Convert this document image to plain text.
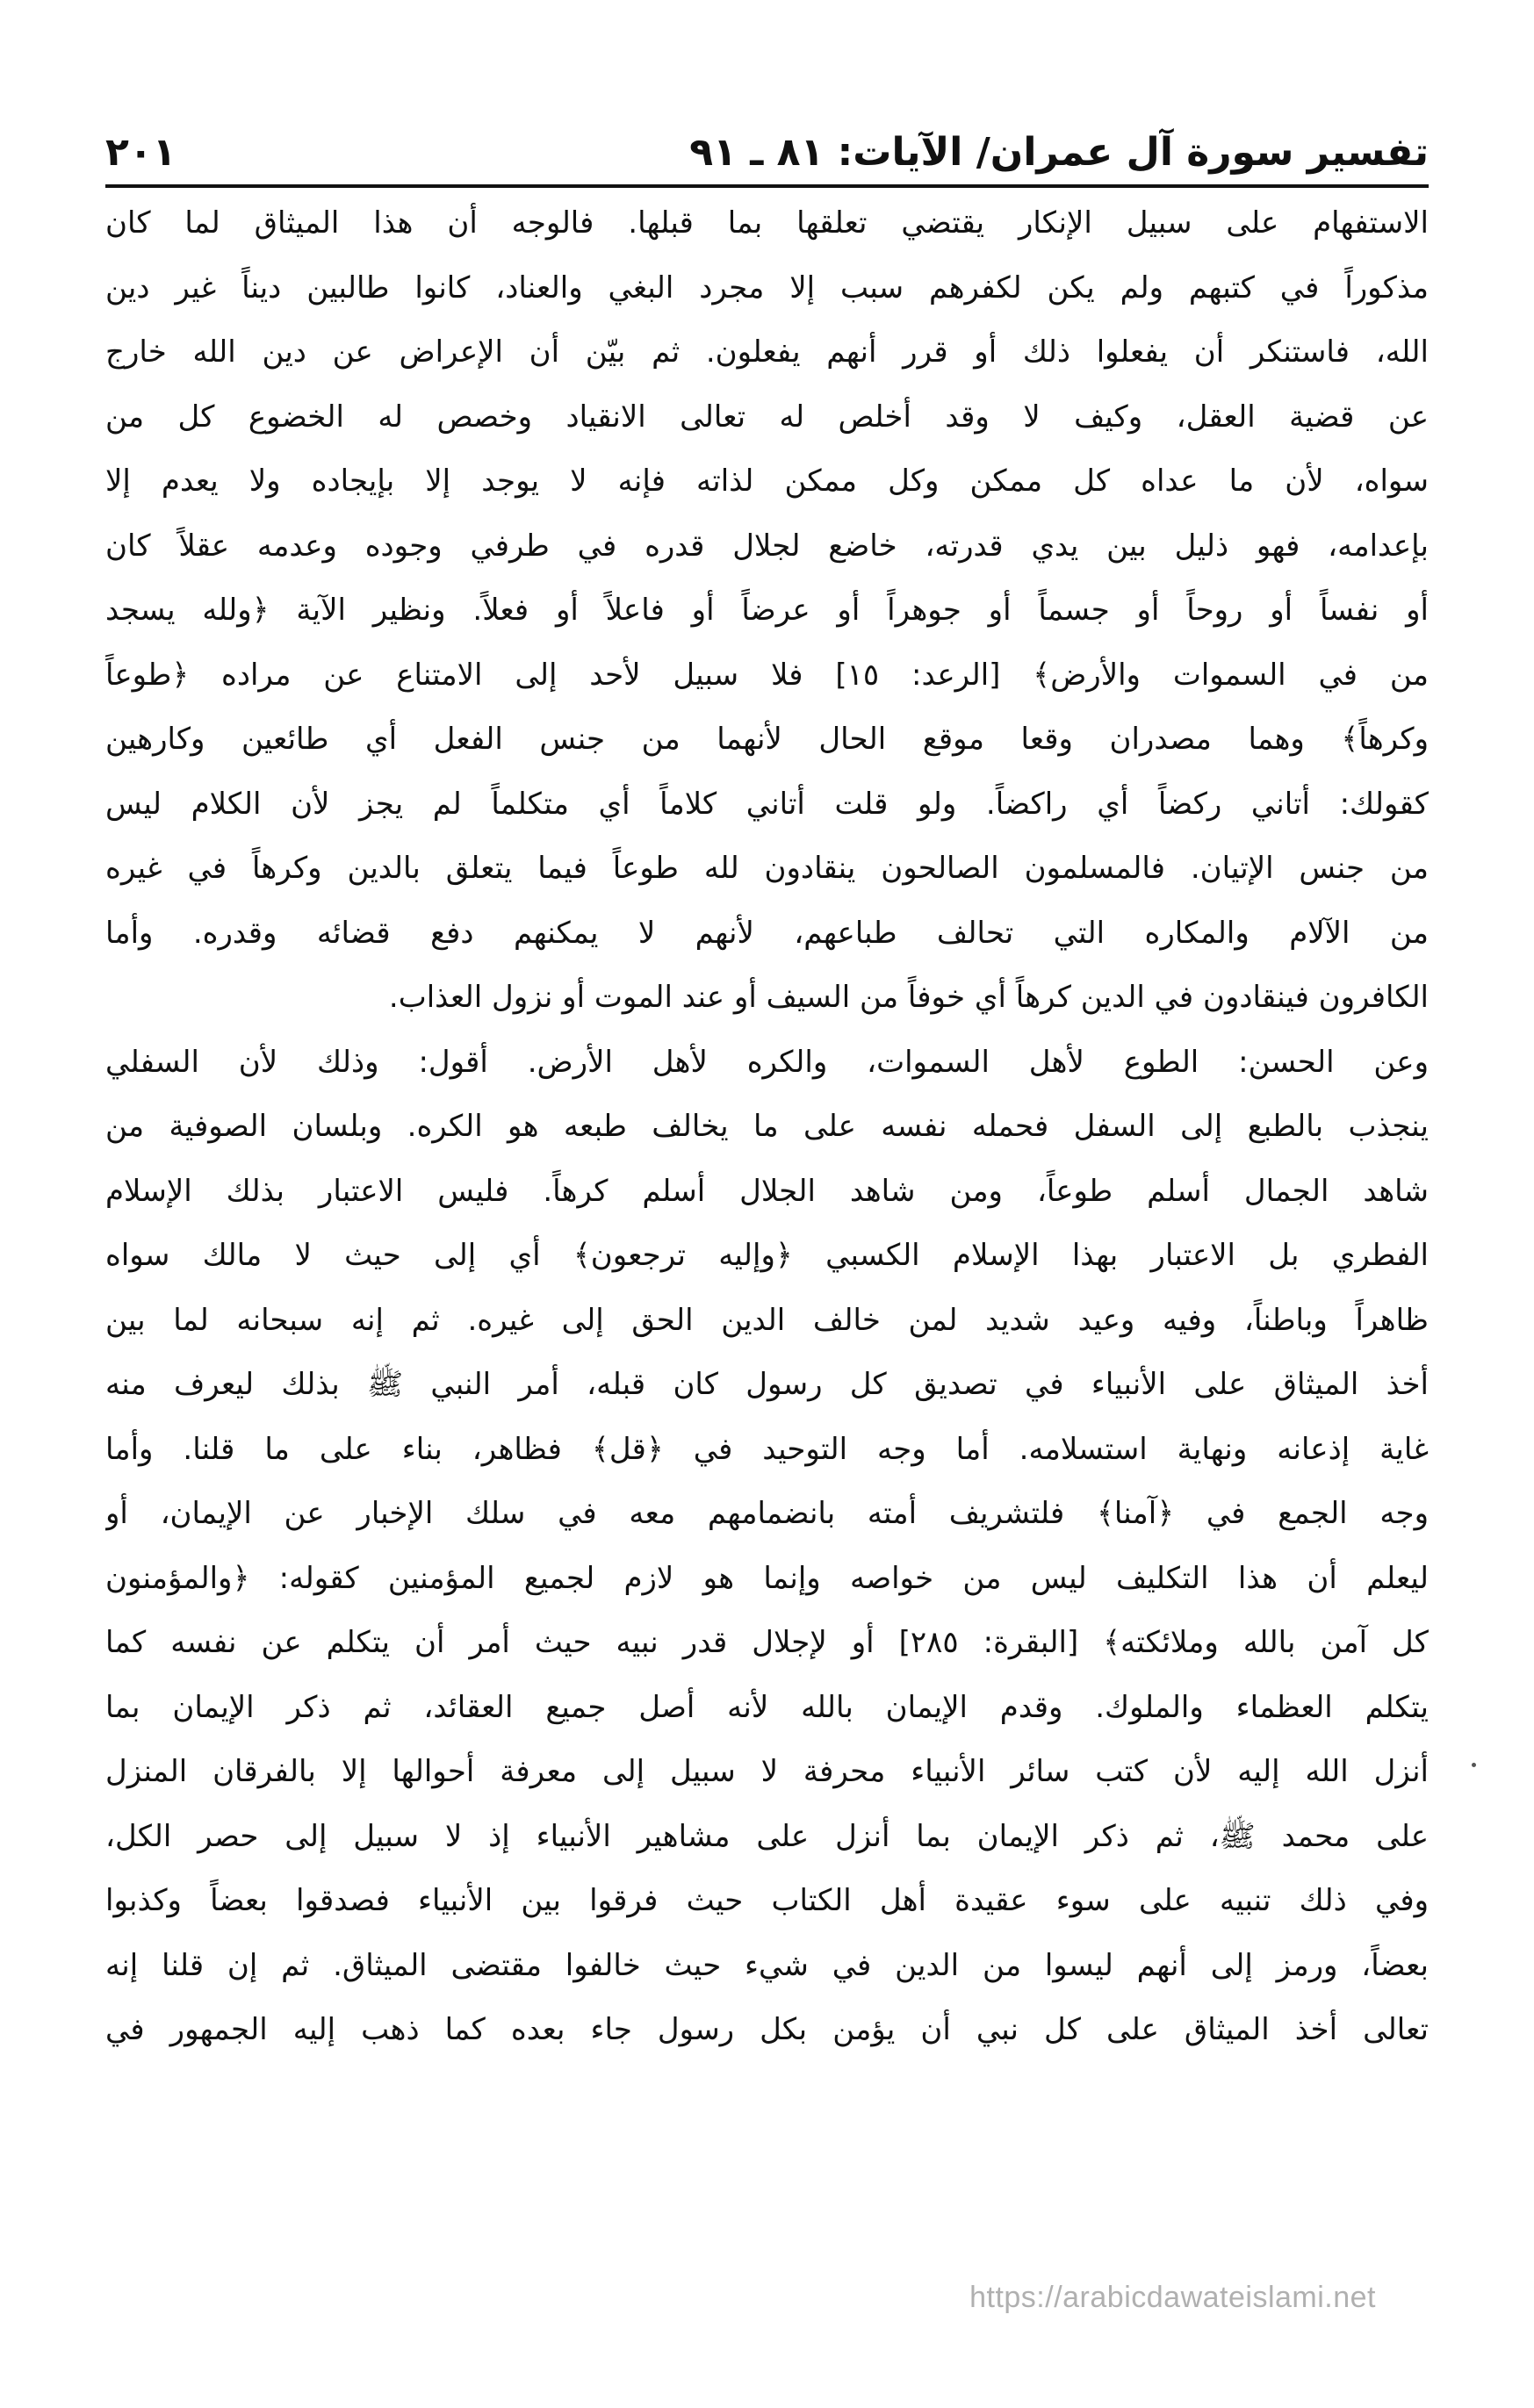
تفسير سورة آل عمران/ الآيات: ٨١ ـ ٩١
٢٠١
الاستفهام على سبيل الإنكار يقتضي تعلقها بما قبلها. فالوجه أن هذا الميثاق لما كان
مذكوراً في كتبهم ولم يكن لكفرهم سبب إلا مجرد البغي والعناد، كانوا طالبين ديناً غير دين
الله، فاستنكر أن يفعلوا ذلك أو قرر أنهم يفعلون. ثم بيّن أن الإعراض عن دين الله خارج
عن قضية العقل، وكيف لا وقد أخلص له تعالى الانقياد وخصص له الخضوع كل من
سواه، لأن ما عداه كل ممكن وكل ممكن لذاته فإنه لا يوجد إلا بإيجاده ولا يعدم إلا
بإعدامه، فهو ذليل بين يدي قدرته، خاضع لجلال قدره في طرفي وجوده وعدمه عقلاً كان
أو نفساً أو روحاً أو جسماً أو جوهراً أو عرضاً أو فاعلاً أو فعلاً. ونظير الآية ﴿ولله يسجد
من في السموات والأرض﴾ [الرعد: ١٥] فلا سبيل لأحد إلى الامتناع عن مراده ﴿طوعاً
وكرهاً﴾ وهما مصدران وقعا موقع الحال لأنهما من جنس الفعل أي طائعين وكارهين
كقولك: أتاني ركضاً أي راكضاً. ولو قلت أتاني كلاماً أي متكلماً لم يجز لأن الكلام ليس
من جنس الإتيان. فالمسلمون الصالحون ينقادون لله طوعاً فيما يتعلق بالدين وكرهاً في غيره
من الآلام والمكاره التي تحالف طباعهم، لأنهم لا يمكنهم دفع قضائه وقدره. وأما
الكافرون فينقادون في الدين كرهاً أي خوفاً من السيف أو عند الموت أو نزول العذاب.
وعن الحسن: الطوع لأهل السموات، والكره لأهل الأرض. أقول: وذلك لأن السفلي
ينجذب بالطبع إلى السفل فحمله نفسه على ما يخالف طبعه هو الكره. وبلسان الصوفية من
شاهد الجمال أسلم طوعاً، ومن شاهد الجلال أسلم كرهاً. فليس الاعتبار بذلك الإسلام
الفطري بل الاعتبار بهذا الإسلام الكسبي ﴿وإليه ترجعون﴾ أي إلى حيث لا مالك سواه
ظاهراً وباطناً، وفيه وعيد شديد لمن خالف الدين الحق إلى غيره. ثم إنه سبحانه لما بين
أخذ الميثاق على الأنبياء في تصديق كل رسول كان قبله، أمر النبي ﷺ بذلك ليعرف منه
غاية إذعانه ونهاية استسلامه. أما وجه التوحيد في ﴿قل﴾ فظاهر، بناء على ما قلنا. وأما
وجه الجمع في ﴿آمنا﴾ فلتشريف أمته بانضمامهم معه في سلك الإخبار عن الإيمان، أو
ليعلم أن هذا التكليف ليس من خواصه وإنما هو لازم لجميع المؤمنين كقوله: ﴿والمؤمنون
كل آمن بالله وملائكته﴾ [البقرة: ٢٨٥] أو لإجلال قدر نبيه حيث أمر أن يتكلم عن نفسه كما
يتكلم العظماء والملوك. وقدم الإيمان بالله لأنه أصل جميع العقائد، ثم ذكر الإيمان بما
أنزل الله إليه لأن كتب سائر الأنبياء محرفة لا سبيل إلى معرفة أحوالها إلا بالفرقان المنزل
على محمد ﷺ، ثم ذكر الإيمان بما أنزل على مشاهير الأنبياء إذ لا سبيل إلى حصر الكل،
وفي ذلك تنبيه على سوء عقيدة أهل الكتاب حيث فرقوا بين الأنبياء فصدقوا بعضاً وكذبوا
بعضاً، ورمز إلى أنهم ليسوا من الدين في شيء حيث خالفوا مقتضى الميثاق. ثم إن قلنا إنه
تعالى أخذ الميثاق على كل نبي أن يؤمن بكل رسول جاء بعده كما ذهب إليه الجمهور في
https://arabicdawateislami.net
